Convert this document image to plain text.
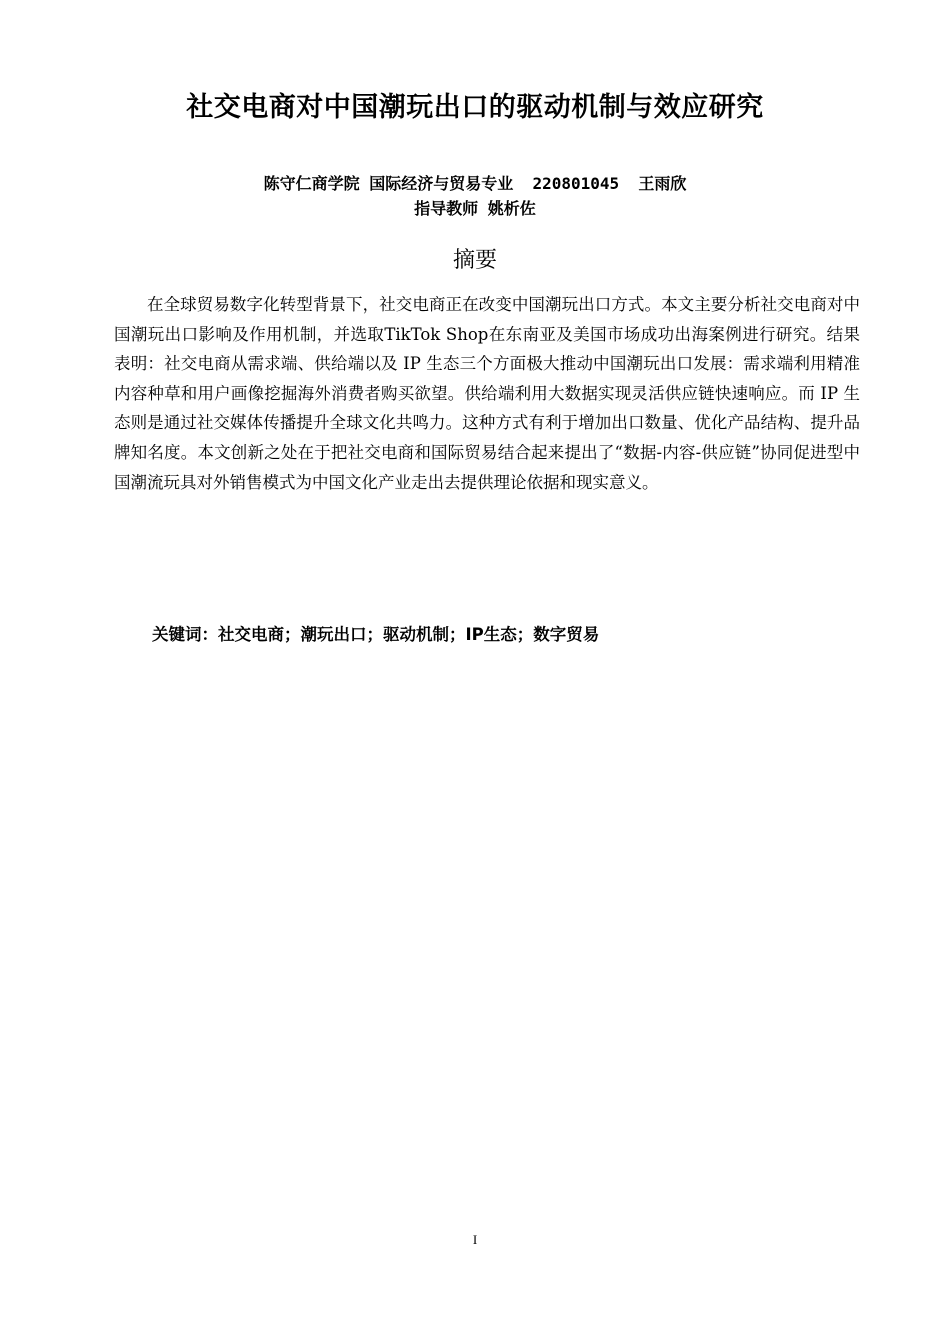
社交电商对中国潮玩出口的驱动机制与效应研究
陈守仁商学院 国际经济与贸易专业  220801045  王雨欣
指导教师 姚析佐
摘要

在全球贸易数字化转型背景下，社交电商正在改变中国潮玩出口方式。本文主要分析社交电商对中国潮玩出口影响及作用机制，并选取TikTok Shop在东南亚及美国市场成功出海案例进行研究。结果表明：社交电商从需求端、供给端以及 IP 生态三个方面极大推动中国潮玩出口发展：需求端利用精准内容种草和用户画像挖掘海外消费者购买欲望。供给端利用大数据实现灵活供应链快速响应。而 IP 生态则是通过社交媒体传播提升全球文化共鸣力。这种方式有利于增加出口数量、优化产品结构、提升品牌知名度。本文创新之处在于把社交电商和国际贸易结合起来提出了“数据-内容-供应链”协同促进型中国潮流玩具对外销售模式为中国文化产业走出去提供理论依据和现实意义。

关键词：社交电商；潮玩出口；驱动机制；IP生态；数字贸易
I
